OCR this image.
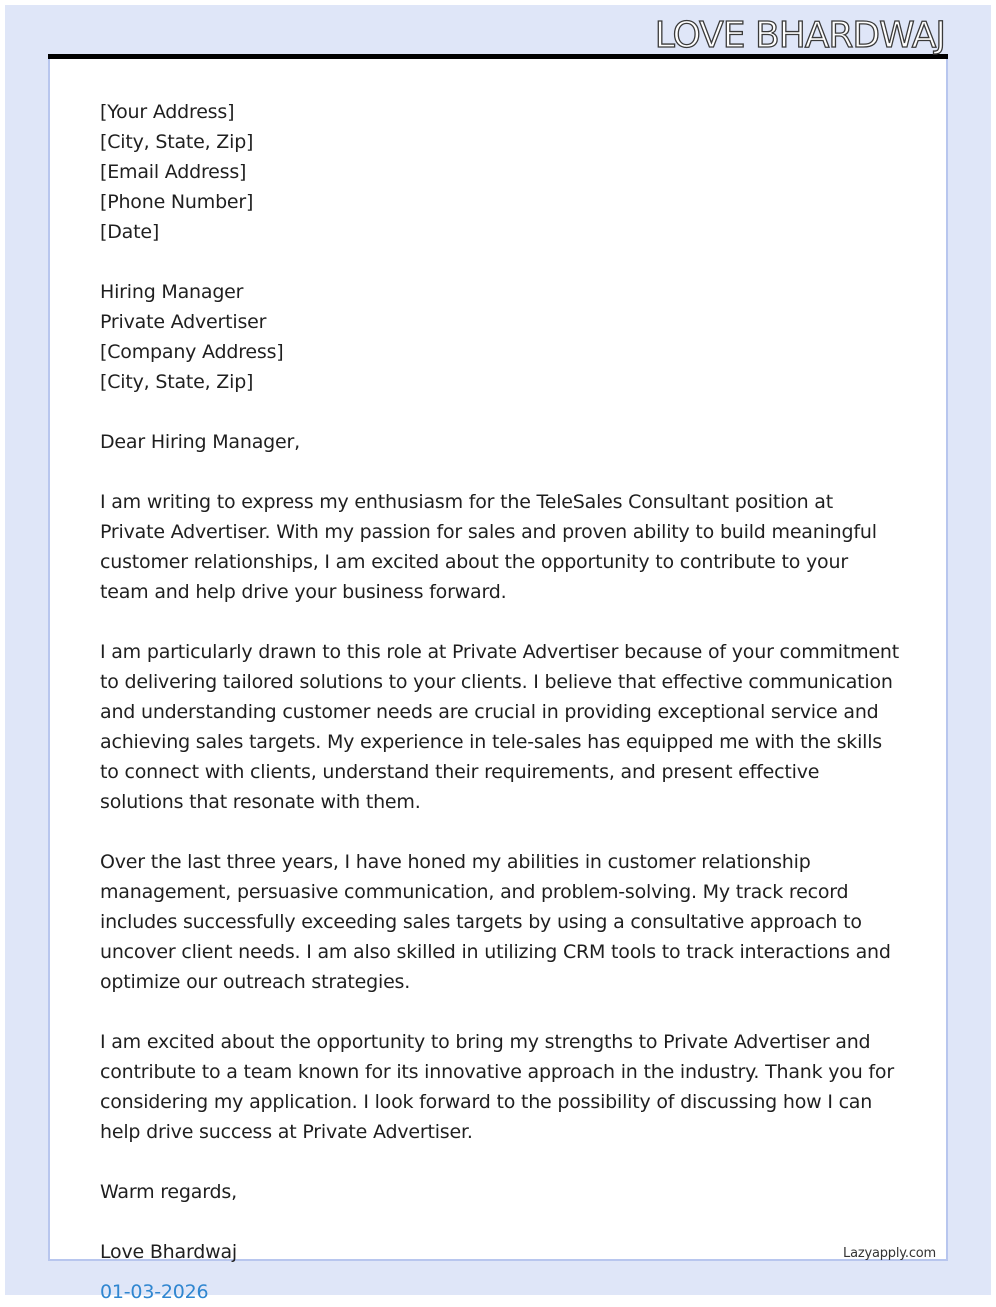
LOVE BHARDWAJ
[Your Address]
[City, State, Zip]
[Email Address]
[Phone Number]
[Date]
Hiring Manager
Private Advertiser
[Company Address]
[City, State, Zip]

Dear Hiring Manager,

I am writing to express my enthusiasm for the TeleSales Consultant position at Private Advertiser. With my passion for sales and proven ability to build meaningful customer relationships, I am excited about the opportunity to contribute to your team and help drive your business forward.

I am particularly drawn to this role at Private Advertiser because of your commitment to delivering tailored solutions to your clients. I believe that effective communication and understanding customer needs are crucial in providing exceptional service and achieving sales targets. My experience in tele-sales has equipped me with the skills to connect with clients, understand their requirements, and present effective solutions that resonate with them.

Over the last three years, I have honed my abilities in customer relationship management, persuasive communication, and problem-solving. My track record includes successfully exceeding sales targets by using a consultative approach to uncover client needs. I am also skilled in utilizing CRM tools to track interactions and optimize our outreach strategies.

I am excited about the opportunity to bring my strengths to Private Advertiser and contribute to a team known for its innovative approach in the industry. Thank you for considering my application. I look forward to the possibility of discussing how I can help drive success at Private Advertiser.

Warm regards,

Love Bhardwaj

01-03-2026

Lazyapply.com
